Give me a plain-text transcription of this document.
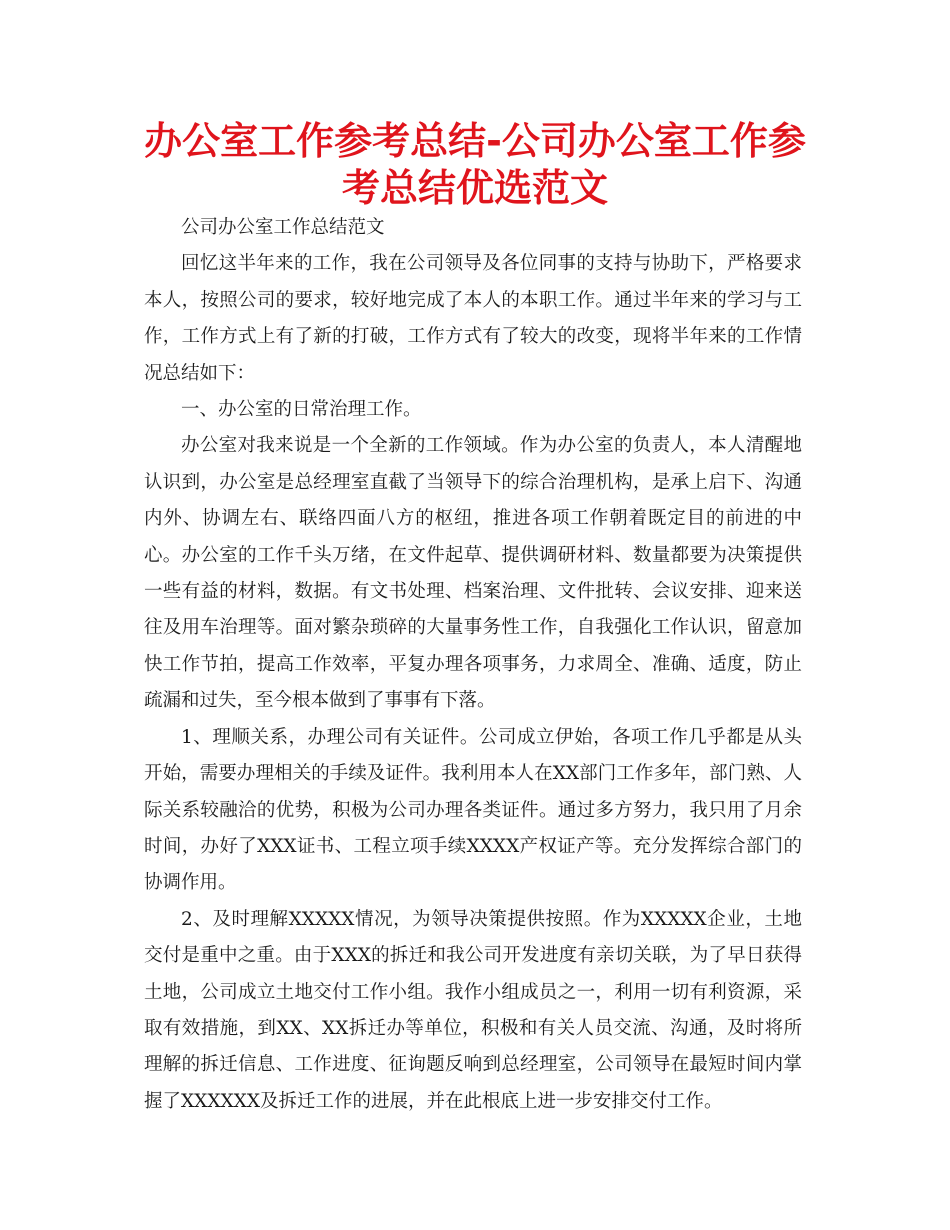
办公室工作参考总结-公司办公室工作参考总结优选范文

公司办公室工作总结范文

回忆这半年来的工作，我在公司领导及各位同事的支持与协助下，严格要求本人，按照公司的要求，较好地完成了本人的本职工作。通过半年来的学习与工作，工作方式上有了新的打破，工作方式有了较大的改变，现将半年来的工作情况总结如下：

一、办公室的日常治理工作。

办公室对我来说是一个全新的工作领域。作为办公室的负责人，本人清醒地认识到，办公室是总经理室直截了当领导下的综合治理机构，是承上启下、沟通内外、协调左右、联络四面八方的枢纽，推进各项工作朝着既定目的前进的中心。办公室的工作千头万绪，在文件起草、提供调研材料、数量都要为决策提供一些有益的材料，数据。有文书处理、档案治理、文件批转、会议安排、迎来送往及用车治理等。面对繁杂琐碎的大量事务性工作，自我强化工作认识，留意加快工作节拍，提高工作效率，平复办理各项事务，力求周全、准确、适度，防止疏漏和过失，至今根本做到了事事有下落。

1、理顺关系，办理公司有关证件。公司成立伊始，各项工作几乎都是从头开始，需要办理相关的手续及证件。我利用本人在XX部门工作多年，部门熟、人际关系较融洽的优势，积极为公司办理各类证件。通过多方努力，我只用了月余时间，办好了XXX证书、工程立项手续XXXX产权证产等。充分发挥综合部门的协调作用。

2、及时理解XXXXX情况，为领导决策提供按照。作为XXXXX企业，土地交付是重中之重。由于XXX的拆迁和我公司开发进度有亲切关联，为了早日获得土地，公司成立土地交付工作小组。我作小组成员之一，利用一切有利资源，采取有效措施，到XX、XX拆迁办等单位，积极和有关人员交流、沟通，及时将所理解的拆迁信息、工作进度、征询题反响到总经理室，公司领导在最短时间内掌握了XXXXXX及拆迁工作的进展，并在此根底上进一步安排交付工作。
